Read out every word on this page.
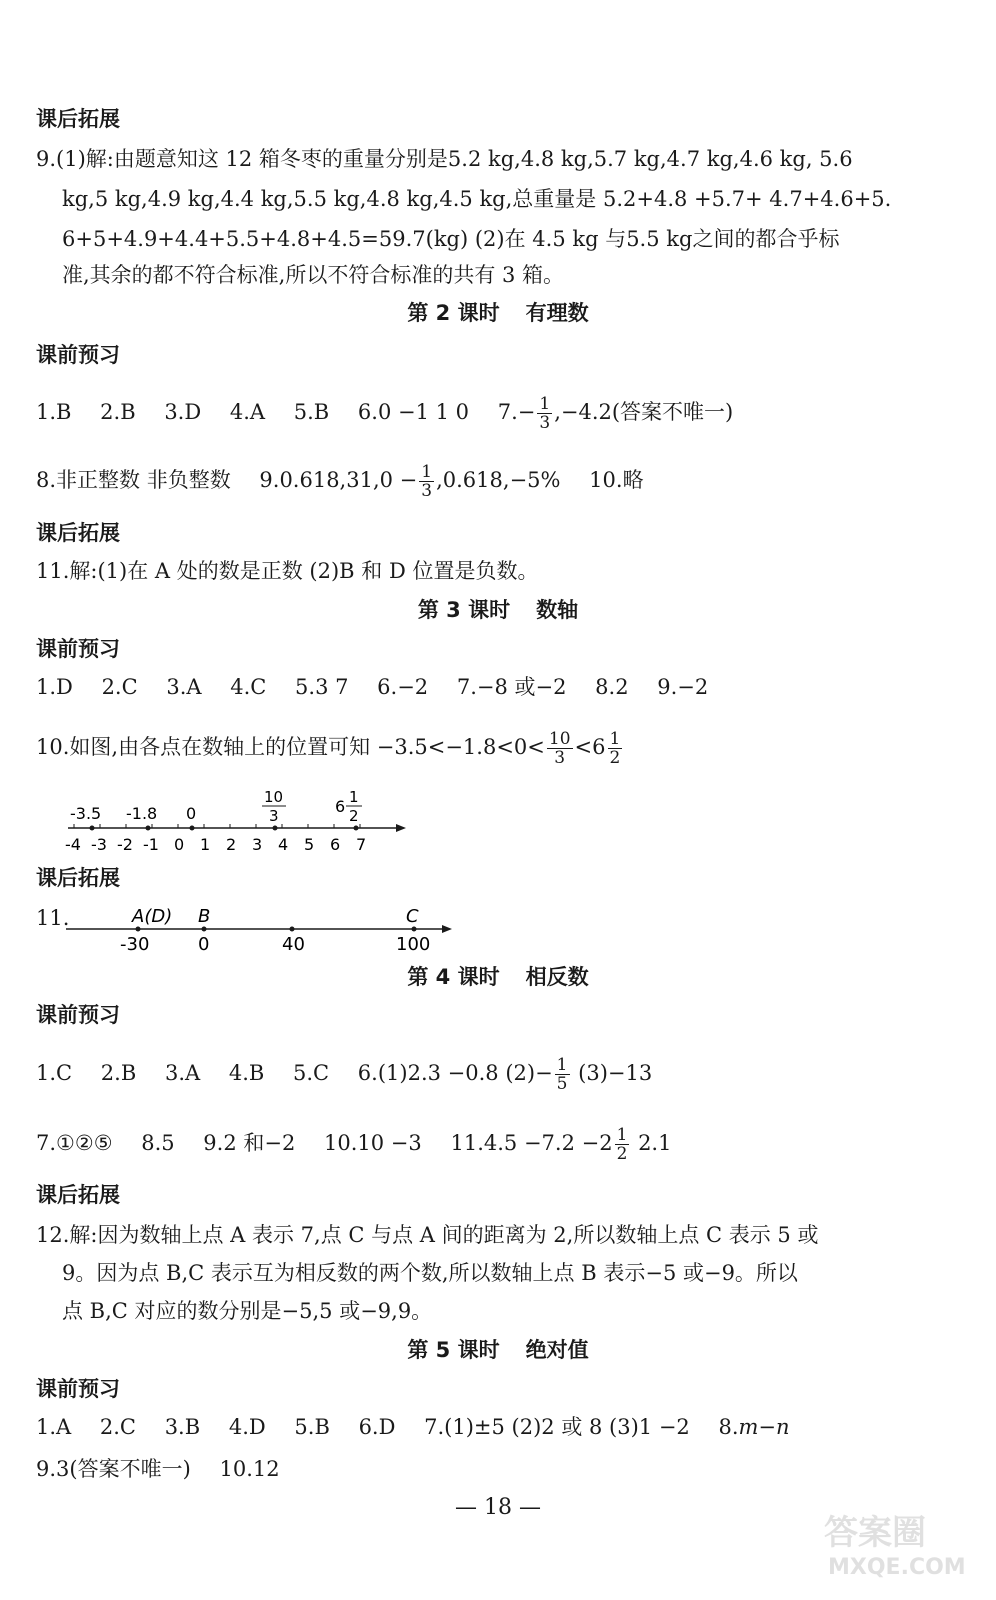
课后拓展
9.(1)解:由题意知这 12 箱冬枣的重量分别是5.2 kg,4.8 kg,5.7 kg,4.7 kg,4.6 kg, 5.6
kg,5 kg,4.9 kg,4.4 kg,5.5 kg,4.8 kg,4.5 kg,总重量是 5.2+4.8 +5.7+ 4.7+4.6+5.
6+5+4.9+4.4+5.5+4.8+4.5=59.7(kg) (2)在 4.5 kg 与5.5 kg之间的都合乎标
准,其余的都不符合标准,所以不符合标准的共有 3 箱。
第 2 课时 有理数
课前预习
1.B 2.B 3.D 4.A 5.B 6.0 −1 1 0 $7.- \frac{1}{3} ,-4.2$(答案不唯一)
8.非正整数 非负整数 $9.0.618,31,0 - \frac{1}{3} ,0.618,-5\%$ 10.略
课后拓展
11.解:(1)在 A 处的数是正数 (2)B 和 D 位置是负数。
第 3 课时 数轴
课前预习
1.D 2.C 3.A 4.C 5.3 7 6.−2 7.−8 或−2 8.2 9.−2
10.如图,由各点在数轴上的位置可知 $-3.5<-1.8<0< \frac{10}{3} <6 \frac{1}{2}$
-4 -3 -2 -1 0 1 2 3 4 5 6 7
-3.5 -1.8 0
10
3	6 1
2
课后拓展
11.	A(D) B	C
-30	0	40	100
第 4 课时 相反数
课前预习
1.C 2.B 3.A 4.B 5.C 6.(1)2.3 −0.8 $(2)- \frac{1}{5} (3)-13$
7.①②⑤ 8.5 9.2 和−2 10.10 −3 $11.4.5 -7.2 -2 \frac{1}{2} 2.1$
课后拓展
12.解:因为数轴上点 A 表示 7,点 C 与点 A 间的距离为 2,所以数轴上点 C 表示 5 或
9。因为点 B,C 表示互为相反数的两个数,所以数轴上点 B 表示−5 或−9。所以
点 B,C 对应的数分别是−5,5 或−9,9。
第 5 课时 绝对值
课前预习
1.A 2.C 3.B 4.D 5.B 6.D 7.(1)±5 (2)2 或 8 (3)1 −2 8.m−n
9.3(答案不唯一) 10.12
— 18 —
答案圈
MXQE.COM
